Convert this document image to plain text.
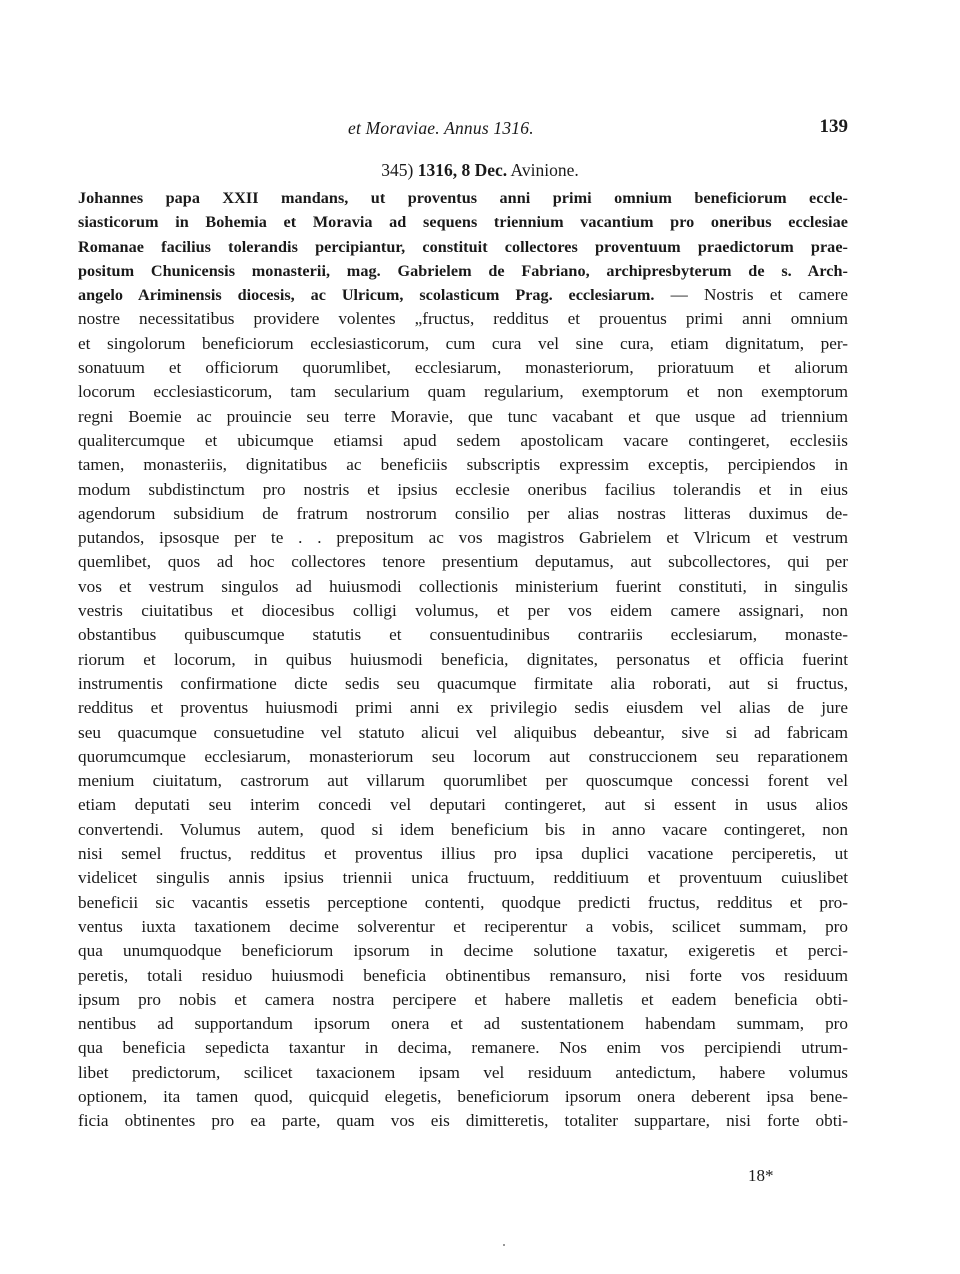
et Moraviae. Annus 1316.	139
345) 1316, 8 Dec. Avinione.
Johannes papa XXII mandans, ut proventus anni primi omnium beneficiorum eccle-
siasticorum in Bohemia et Moravia ad sequens triennium vacantium pro oneribus ecclesiae
Romanae facilius tolerandis percipiantur, constituit collectores proventuum praedictorum prae-
positum Chunicensis monasterii, mag. Gabrielem de Fabriano, archipresbyterum de s. Arch-
angelo Ariminensis diocesis, ac Ulricum, scolasticum Prag. ecclesiarum. — Nostris et camere
nostre necessitatibus providere volentes „fructus, redditus et prouentus primi anni omnium
et singolorum beneficiorum ecclesiasticorum, cum cura vel sine cura, etiam dignitatum, per-
sonatuum et officiorum quorumlibet, ecclesiarum, monasteriorum, prioratuum et aliorum
locorum ecclesiasticorum, tam secularium quam regularium, exemptorum et non exemptorum
regni Boemie ac prouincie seu terre Moravie, que tunc vacabant et que usque ad triennium
qualitercumque et ubicumque etiamsi apud sedem apostolicam vacare contingeret, ecclesiis
tamen, monasteriis, dignitatibus ac beneficiis subscriptis expressim exceptis, percipiendos in
modum subdistinctum pro nostris et ipsius ecclesie oneribus facilius tolerandis et in eius
agendorum subsidium de fratrum nostrorum consilio per alias nostras litteras duximus de-
putandos, ipsosque per te . . prepositum ac vos magistros Gabrielem et Vlricum et vestrum
quemlibet, quos ad hoc collectores tenore presentium deputamus, aut subcollectores, qui per
vos et vestrum singulos ad huiusmodi collectionis ministerium fuerint constituti, in singulis
vestris ciuitatibus et diocesibus colligi volumus, et per vos eidem camere assignari, non
obstantibus quibuscumque statutis et consuentudinibus contrariis ecclesiarum, monaste-
riorum et locorum, in quibus huiusmodi beneficia, dignitates, personatus et officia fuerint
instrumentis confirmatione dicte sedis seu quacumque firmitate alia roborati, aut si fructus,
redditus et proventus huiusmodi primi anni ex privilegio sedis eiusdem vel alias de jure
seu quacumque consuetudine vel statuto alicui vel aliquibus debeantur, sive si ad fabricam
quorumcumque ecclesiarum, monasteriorum seu locorum aut construccionem seu reparationem
menium ciuitatum, castrorum aut villarum quorumlibet per quoscumque concessi forent vel
etiam deputati seu interim concedi vel deputari contingeret, aut si essent in usus alios
convertendi. Volumus autem, quod si idem beneficium bis in anno vacare contingeret, non
nisi semel fructus, redditus et proventus illius pro ipsa duplici vacatione perciperetis, ut
videlicet singulis annis ipsius triennii unica fructuum, redditiuum et proventuum cuiuslibet
beneficii sic vacantis essetis perceptione contenti, quodque predicti fructus, redditus et pro-
ventus iuxta taxationem decime solverentur et reciperentur a vobis, scilicet summam, pro
qua unumquodque beneficiorum ipsorum in decime solutione taxatur, exigeretis et perci-
peretis, totali residuo huiusmodi beneficia obtinentibus remansuro, nisi forte vos residuum
ipsum pro nobis et camera nostra percipere et habere malletis et eadem beneficia obti-
nentibus ad supportandum ipsorum onera et ad sustentationem habendam summam, pro
qua beneficia sepedicta taxantur in decima, remanere. Nos enim vos percipiendi utrum-
libet predictorum, scilicet taxacionem ipsam vel residuum antedictum, habere volumus
optionem, ita tamen quod, quicquid elegetis, beneficiorum ipsorum onera deberent ipsa bene-
ficia obtinentes pro ea parte, quam vos eis dimitteretis, totaliter suppartare, nisi forte obti-
18*
